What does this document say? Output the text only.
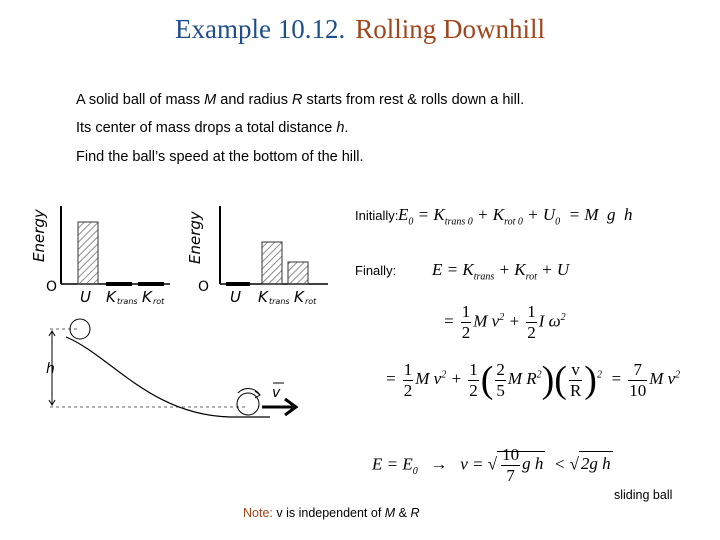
Example 10.12. Rolling Downhill
A solid ball of mass M and radius R starts from rest & rolls down a hill.
Its center of mass drops a total distance h.
Find the ball’s speed at the bottom of the hill.
Energy
O
U K trans K rot
Energy
O
U K trans K rot
h
v
Initially:
Finally:
$E_0 = K_{trans 0} + K_{rot 0} + U_0 = M$  g  h
$E = K_{trans} + K_{rot} + U$
= $\frac{1}{2}$ M $v^2 + \frac{1}{2}$ I $\omega^2$
= $\frac{1}{2}$ M $v^2 + \frac{1}{2}$ ( $\frac{2}{5}$ M $R^2)( \frac{v}{R} )^2 = \frac{7}{10}$ M $v^2$
$E = E_0 \to v$ = √ $\frac{10}{7}$ g h  < √ 2g h
sliding ball
Note: v is independent of M & R
